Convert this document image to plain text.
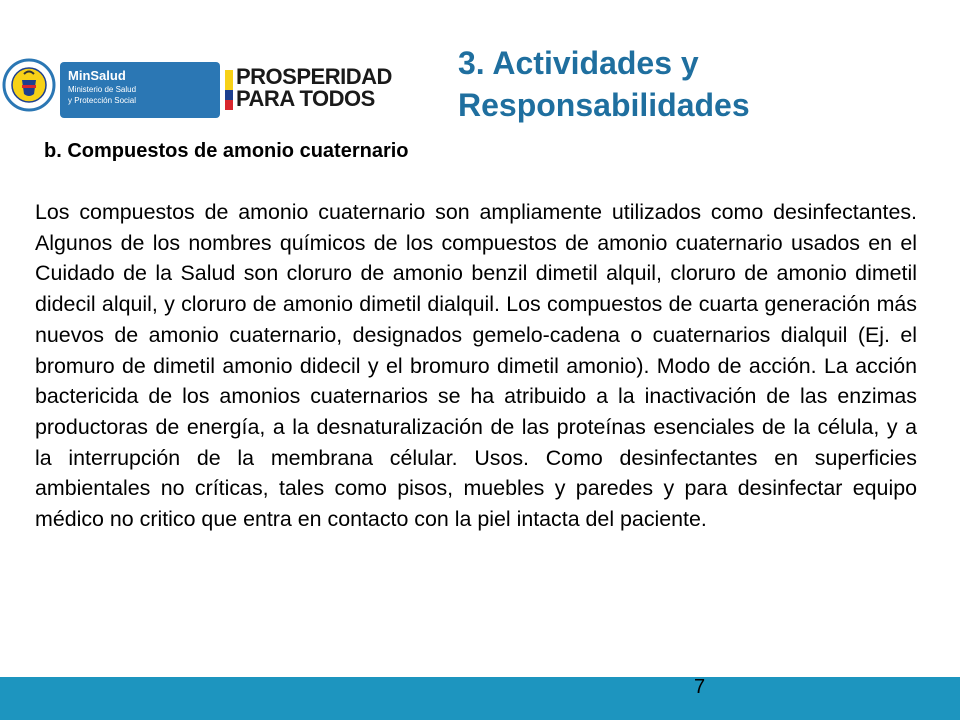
MinSalud
Ministerio de Salud
y Protección Social
PROSPERIDAD
PARA TODOS
3. Actividades y
Responsabilidades
b. Compuestos de amonio cuaternario
Los compuestos de amonio cuaternario son ampliamente utilizados como desinfectantes. Algunos de los nombres químicos de los compuestos de amonio cuaternario usados en el Cuidado de la Salud son cloruro de amonio benzil dimetil alquil, cloruro de amonio dimetil didecil alquil, y cloruro de amonio dimetil dialquil. Los compuestos de cuarta generación más nuevos de amonio cuaternario, designados gemelo-cadena o cuaternarios dialquil (Ej. el bromuro de dimetil amonio didecil y el bromuro dimetil amonio). Modo de acción. La acción bactericida de los amonios cuaternarios se ha atribuido a la inactivación de las enzimas productoras de energía, a la desnaturalización de las proteínas esenciales de la célula, y a la interrupción de la membrana célular. Usos. Como desinfectantes en superficies ambientales no críticas, tales como pisos, muebles y paredes y para desinfectar equipo médico no critico que entra en contacto con la piel intacta del paciente.
7
